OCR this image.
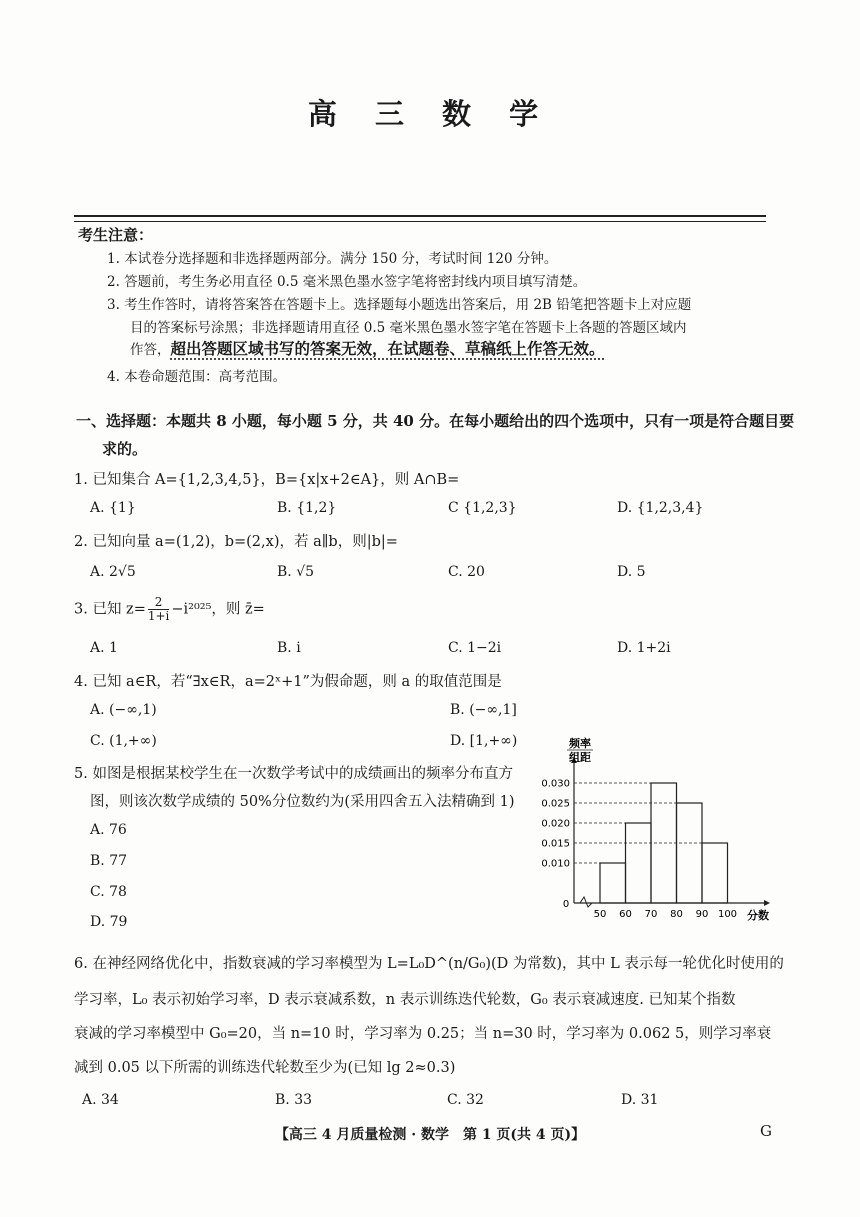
高 三 数 学
考生注意：
1. 本试卷分选择题和非选择题两部分。满分 150 分，考试时间 120 分钟。
2. 答题前，考生务必用直径 0.5 毫米黑色墨水签字笔将密封线内项目填写清楚。
3. 考生作答时，请将答案答在答题卡上。选择题每小题选出答案后，用 2B 铅笔把答题卡上对应题
目的答案标号涂黑；非选择题请用直径 0.5 毫米黑色墨水签字笔在答题卡上各题的答题区域内
作答，超出答题区域书写的答案无效，在试题卷、草稿纸上作答无效。
4. 本卷命题范围：高考范围。
一、选择题：本题共 8 小题，每小题 5 分，共 40 分。在每小题给出的四个选项中，只有一项是符合题目要
求的。
1. 已知集合 A={1,2,3,4,5}，B={x|x+2∈A}，则 A∩B=
A. {1}	B. {1,2}	C {1,2,3}	D. {1,2,3,4}
2. 已知向量 a=(1,2)，b=(2,x)，若 a∥b，则|b|=
A. 2√5	B. √5	C. 20	D. 5
3. 已知 $z= \frac{2}{1+i} -i^{2025}$，则 z̄=
A. 1	B. i	C. 1−2i	D. 1+2i
4. 已知 a∈R，若“∃x∈R，a=2ˣ+1”为假命题，则 a 的取值范围是
A. (−∞,1)	B. (−∞,1]
C. (1,+∞)	D. [1,+∞)
5. 如图是根据某校学生在一次数学考试中的成绩画出的频率分布直方
图，则该次数学成绩的 50%分位数约为(采用四舍五入法精确到 1)
A. 76
B. 77
C. 78
D. 79
频率
组距
0
0.010
0.015
0.020
0.025
0.030
50 60 70 80 90 100 分数
6. 在神经网络优化中，指数衰减的学习率模型为 L=L₀D^(n/G₀)(D 为常数)，其中 L 表示每一轮优化时使用的
学习率，L₀ 表示初始学习率，D 表示衰减系数，n 表示训练迭代轮数，G₀ 表示衰减速度. 已知某个指数
衰减的学习率模型中 G₀=20，当 n=10 时，学习率为 0.25；当 n=30 时，学习率为 0.062 5，则学习率衰
减到 0.05 以下所需的训练迭代轮数至少为(已知 lg 2≈0.3)
A. 34	B. 33	C. 32	D. 31
【高三 4 月质量检测 · 数学　第 1 页(共 4 页)】	G
